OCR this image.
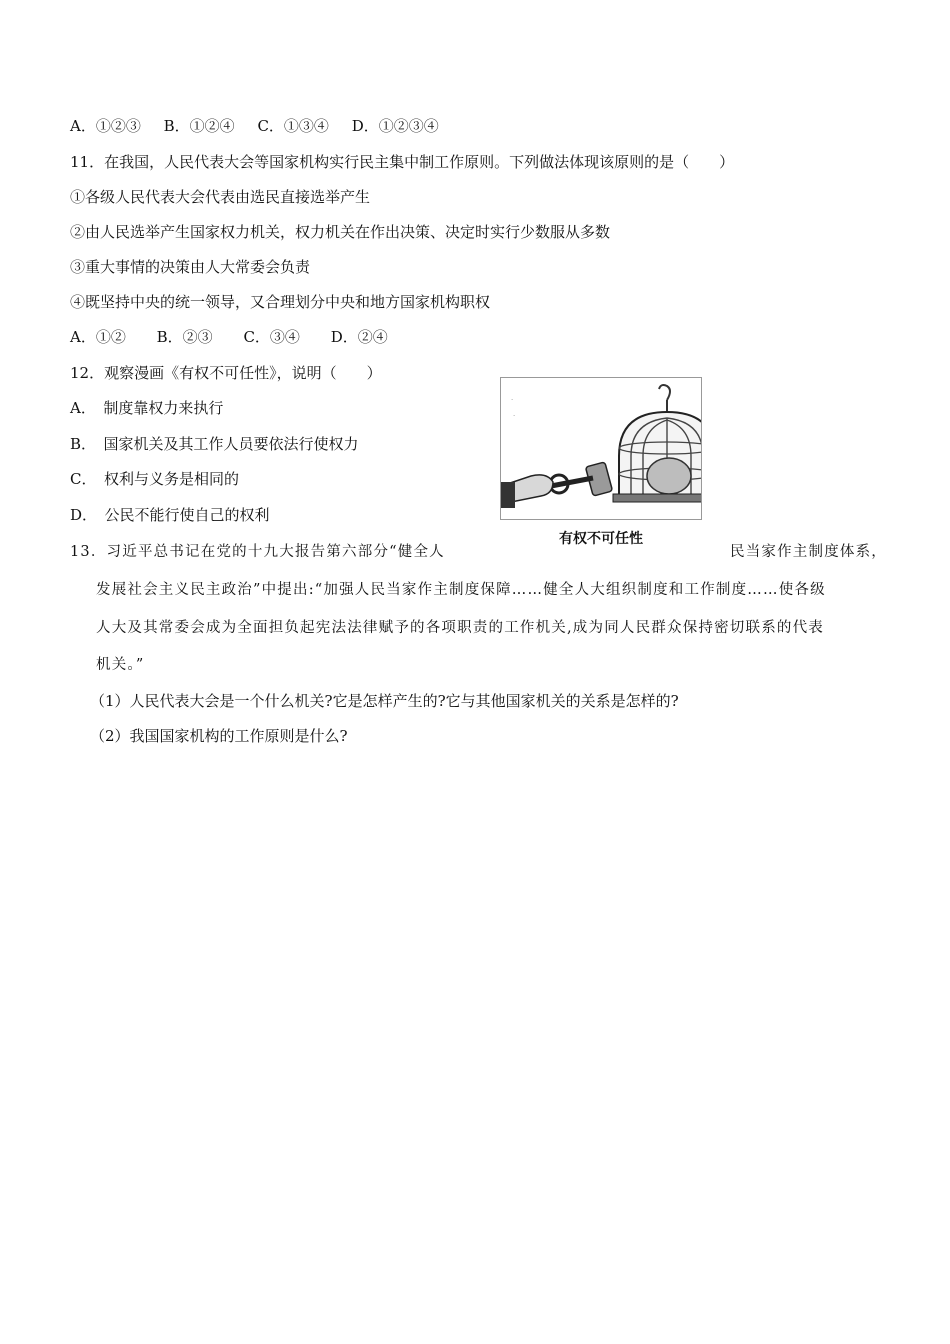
A．①②③ B．①②④ C．①③④ D．①②③④
11．在我国，人民代表大会等国家机构实行民主集中制工作原则。下列做法体现该原则的是（　　）
①各级人民代表大会代表由选民直接选举产生
②由人民选举产生国家权力机关，权力机关在作出决策、决定时实行少数服从多数
③重大事情的决策由人大常委会负责
④既坚持中央的统一领导，又合理划分中央和地方国家机构职权
A．①② B．②③ C．③④ D．②④
12．观察漫画《有权不可任性》，说明（　　）
A．　制度靠权力来执行
B．　国家机关及其工作人员要依法行使权力
C．　权利与义务是相同的
D．　公民不能行使自己的权利
·
·
有权不可任性
13．习近平总书记在党的十九大报告第六部分“健全人	民当家作主制度体系，
发展社会主义民主政治”中提出:“加强人民当家作主制度保障……健全人大组织制度和工作制度……使各级
人大及其常委会成为全面担负起宪法法律赋予的各项职责的工作机关,成为同人民群众保持密切联系的代表
机关。”
（1）人民代表大会是一个什么机关?它是怎样产生的?它与其他国家机关的关系是怎样的?
（2）我国国家机构的工作原则是什么?
